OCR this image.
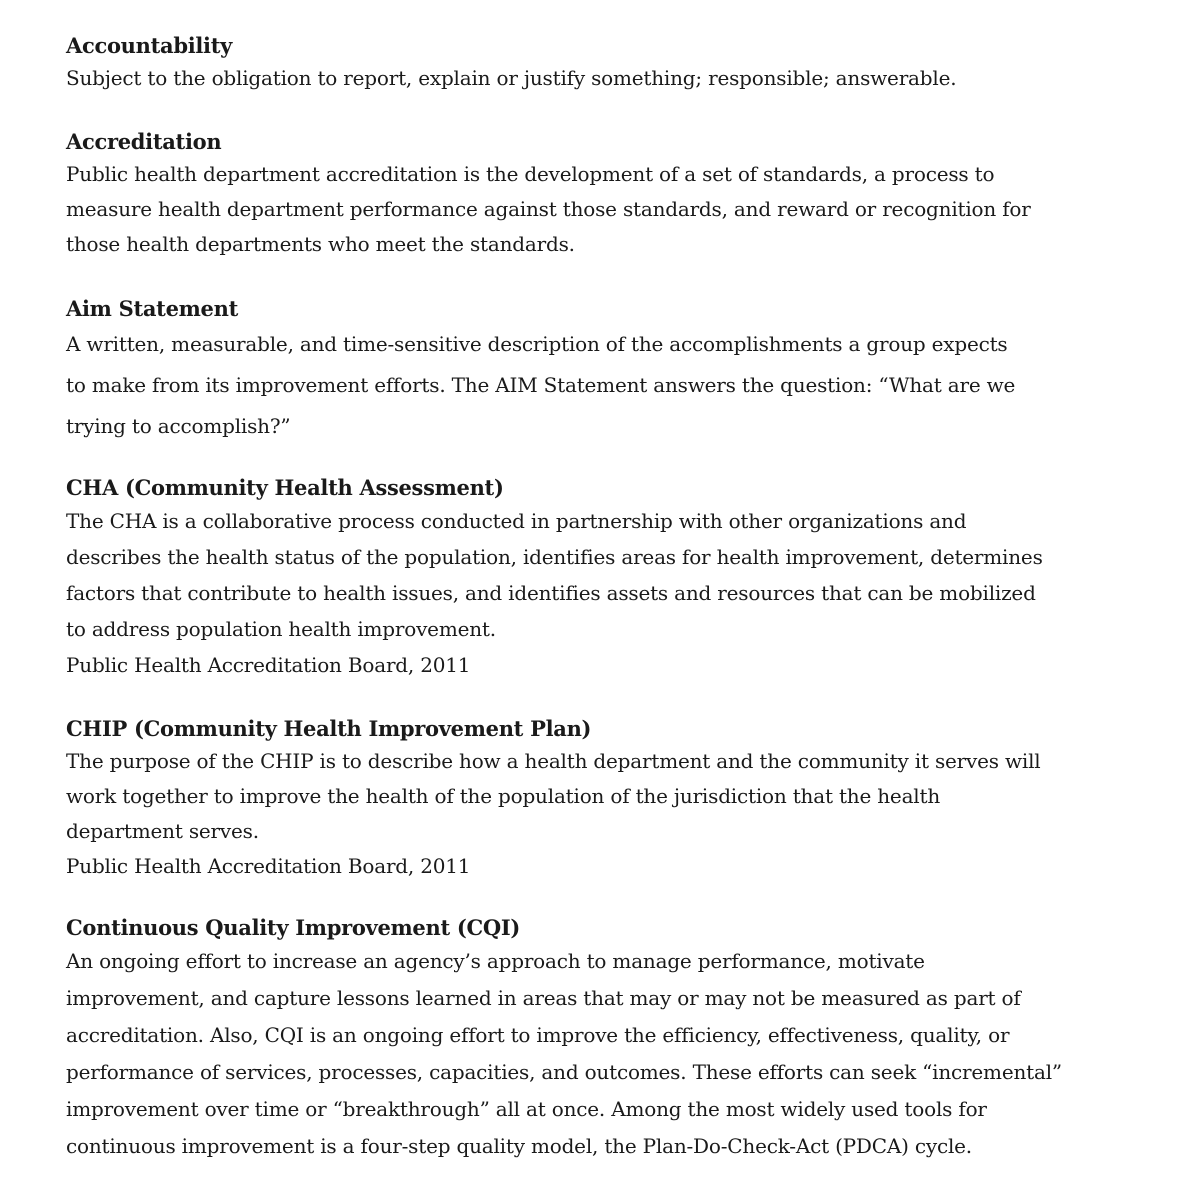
Accountability
Subject to the obligation to report, explain or justify something; responsible; answerable.
Accreditation
Public health department accreditation is the development of a set of standards, a process to
measure health department performance against those standards, and reward or recognition for
those health departments who meet the standards.
Aim Statement
A written, measurable, and time-sensitive description of the accomplishments a group expects
to make from its improvement efforts. The AIM Statement answers the question: “What are we
trying to accomplish?”
CHA (Community Health Assessment)
The CHA is a collaborative process conducted in partnership with other organizations and
describes the health status of the population, identifies areas for health improvement, determines
factors that contribute to health issues, and identifies assets and resources that can be mobilized
to address population health improvement.
Public Health Accreditation Board, 2011
CHIP (Community Health Improvement Plan)
The purpose of the CHIP is to describe how a health department and the community it serves will
work together to improve the health of the population of the jurisdiction that the health
department serves.
Public Health Accreditation Board, 2011
Continuous Quality Improvement (CQI)
An ongoing effort to increase an agency’s approach to manage performance, motivate
improvement, and capture lessons learned in areas that may or may not be measured as part of
accreditation. Also, CQI is an ongoing effort to improve the efficiency, effectiveness, quality, or
performance of services, processes, capacities, and outcomes. These efforts can seek “incremental”
improvement over time or “breakthrough” all at once. Among the most widely used tools for
continuous improvement is a four-step quality model, the Plan-Do-Check-Act (PDCA) cycle.
